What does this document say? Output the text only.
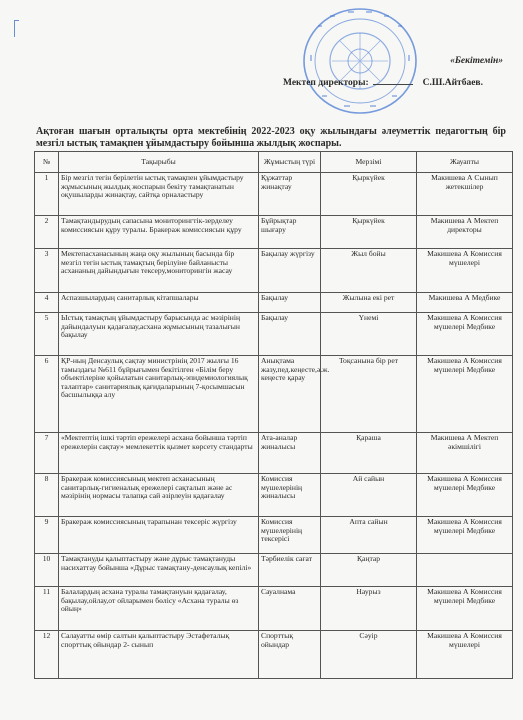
«Бекітемін»
Мектеп директоры:	С.Ш.Айтбаев.
Ақтоған шағын орталықты орта мектебінің 2022-2023 оқу жылындағы әлеуметтік педагогтың бір мезгіл ыстық тамақпен ұйымдастыру бойынша жылдық жоспары.
№	Тақырыбы	Жұмыстың түрі	Мерзімі	Жауапты
1	Бір мезгіл тегін берілетін ыстық тамақпен ұйымдастыру жұмысының жылдық жоспарын бекіту тамақтанатын оқушыларды жинақтау, сайтқа орналастыру	Құжаттар жинақтау	Қыркүйек	Макишева А Сынып жетекшілер
2	Тамақтандырудың сапасына мониторингтік-зерделеу комиссиясын құру туралы. Бракераж комиссиясын құру	Бұйрықтар шығару	Қыркүйек	Макишева А Мектеп директоры
3	Мектепасханасының жаңа оқу жылының басында бір мезгіл тегін ыстық тамақтың берілуіне байланысты асхананың дайындығын тексеру,мониторингін жасау	Бақылау жүргізу	Жыл бойы	Макишева А Комиссия мүшелері
4	Аспазшылардың санитарлық кітапшалары	Бақылау	Жылына екі рет	Макишева А Медбике
5	Ыстық тамақтың ұйымдастыру барысында ас мәзірінің дайындалуын қадағалау,асхана жұмысының тазалығын бақылау	Бақылау	Үнемі	Макишева А Комиссия мүшелері Медбике
6	ҚР-ның Денсаулық сақтау министрінің 2017 жылғы 16 тамыздағы №611 бұйрығымен бекітілген «Білім беру объектілеріне қойылатын санитарлық-эпидемиологиялық талаптар» санитариялық қағидаларының 7-қосымшасын басшылыққа алу	Анықтама жазу,пед.кеңесте,ә.ж. кеңесте қарау	Тоқсанына бір рет	Макишева А Комиссия мүшелері Медбике
7	«Мектептің ішкі тәртіп ережелері асхана бойынша тәртіп ережелерін сақтау» мемлекеттік қызмет көрсету стандарты	Ата-аналар жиналысы	Қараша	Макишева А Мектеп әкімшілігі
8	Бракераж комиссиясының мектеп асханасының санитарлық-гигиеналық ережелері сақталып және ас мәзірінің нормасы талапқа сай әзірлеуін қадағалау	Комиссия мүшелерінің жиналысы	Ай сайын	Макишева А Комиссия мүшелері Медбике
9	Бракераж комиссиясының тарапынан тексеріс жүргізу	Комиссия мүшелерінің тексерісі	Апта сайын	Макишева А Комиссия мүшелері Медбике
10	Тамақтануды қалыптастыру және дұрыс тамақтануды насихаттау бойынша «Дұрыс тамақтану-денсаулық кепілі»	Тәрбиелік сағат	Қаңтар	
11	Балалардың асхана туралы тамақтануын қадағалау, бақылау,ойлау,от ойларымен бөлісу «Асхана туралы өз ойың»	Сауалнама	Наурыз	Макишева А Комиссия мүшелері Медбике
12	Салауатты өмір салтын қалыптастыру Эстафеталық спорттық ойындар 2- сынып	Спорттық ойындар	Сәуір	Макишева А Комиссия мүшелері
